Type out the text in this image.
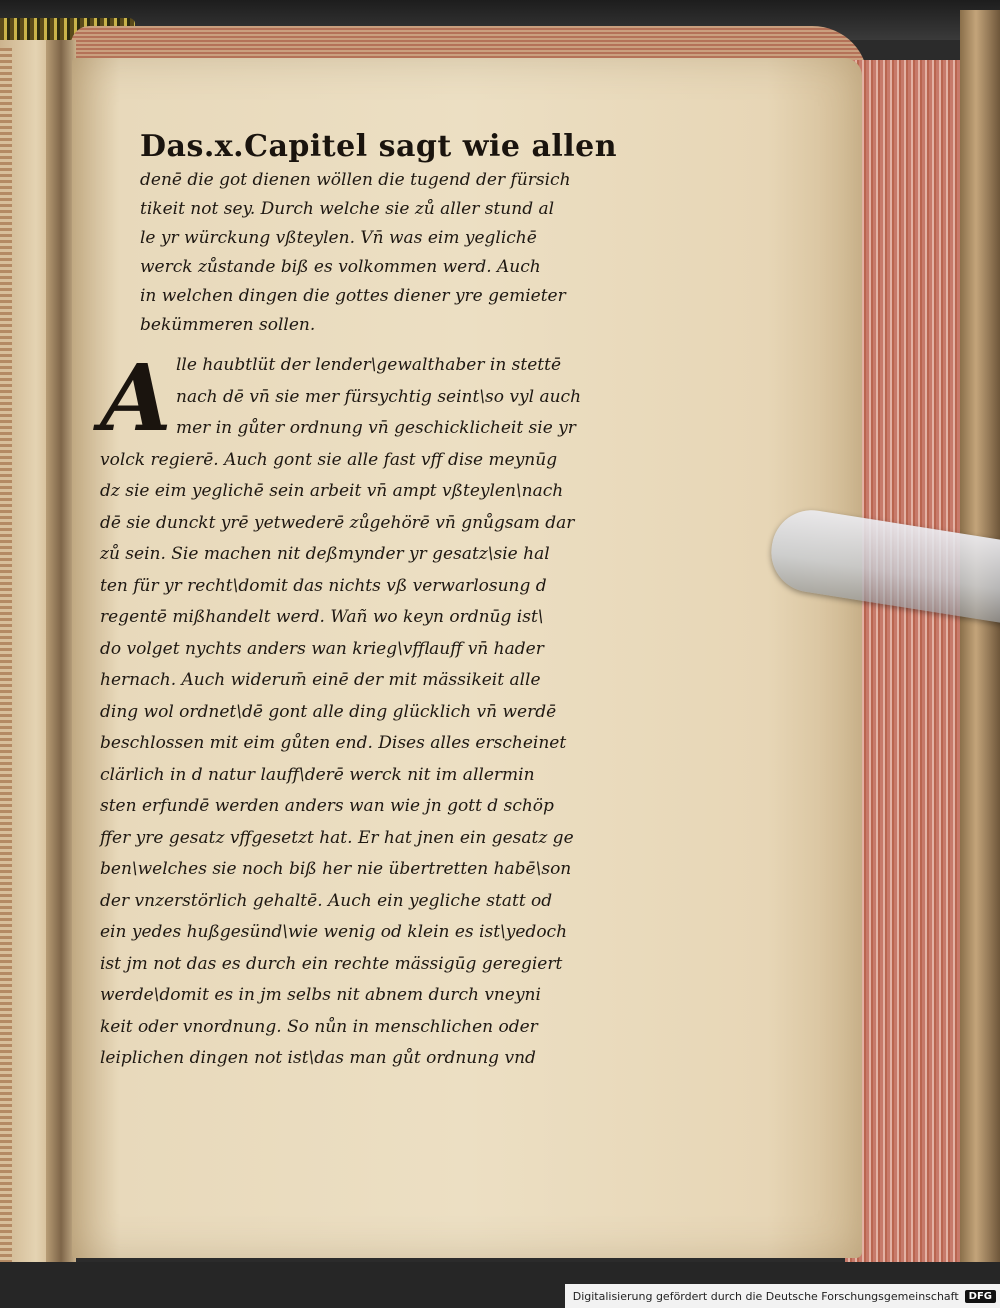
Das.x.Capitel sagt wie allen
denē die got dienen wöllen die tugend der fürsich
tikeit not sey. Durch welche sie zů aller stund al
le yr würckung vßteylen. Vn̄ was eim yeglichē
werck zůstande biß es volkommen werd. Auch
in welchen dingen die gottes diener yre gemieter
bekümmeren sollen.
A lle haubtlüt der lender\gewalthaber in stettē
nach dē vn̄ sie mer fürsychtig seint\so vyl auch
mer in gůter ordnung vn̄ geschicklicheit sie yr
volck regierē. Auch gont sie alle fast vff dise meynūg
dz sie eim yeglichē sein arbeit vn̄ ampt vßteylen\nach
dē sie dunckt yrē yetwederē zůgehörē vn̄ gnůgsam dar
zů sein. Sie machen nit deßmynder yr gesatz\sie hal
ten für yr recht\domit das nichts vß verwarlosung d
regentē mißhandelt werd. Wañ wo keyn ordnūg ist\
do volget nychts anders wan krieg\vfflauff vn̄ hader
hernach. Auch widerum̄ einē der mit mässikeit alle
ding wol ordnet\dē gont alle ding glücklich vn̄ werdē
beschlossen mit eim gůten end. Dises alles erscheinet
clärlich in d natur lauff\derē werck nit im allermin
sten erfundē werden anders wan wie jn gott d schöp
ffer yre gesatz vffgesetzt hat. Er hat jnen ein gesatz ge
ben\welches sie noch biß her nie übertretten habē\son
der vnzerstörlich gehaltē. Auch ein yegliche statt od
ein yedes hußgesünd\wie wenig od klein es ist\yedoch
ist jm not das es durch ein rechte mässigūg geregiert
werde\domit es in jm selbs nit abnem durch vneyni
keit oder vnordnung. So nůn in menschlichen oder
leiplichen dingen not ist\das man gůt ordnung vnd
Digitalisierung gefördert durch die Deutsche Forschungsgemeinschaft	DFG
